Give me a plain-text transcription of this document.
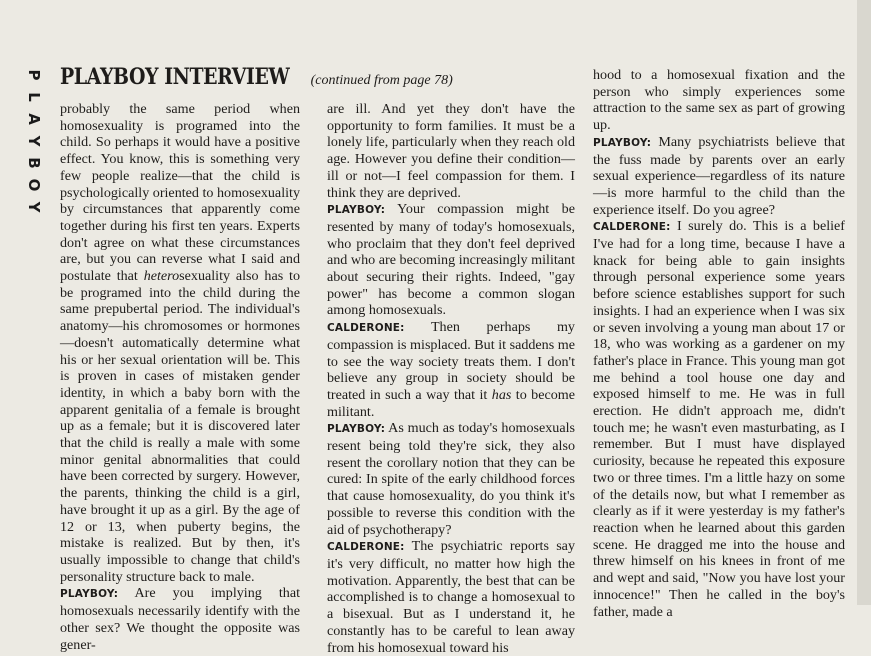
P
L
A
Y
B
O
Y
PLAYBOY INTERVIEW (continued from page 78)

probably the same period when homosexuality is programed into the child. So perhaps it would have a positive effect. You know, this is something very few people realize—that the child is psychologically oriented to homosexuality by circumstances that apparently come together during his first ten years. Experts don't agree on what these circumstances are, but you can reverse what I said and postulate that heterosexuality also has to be programed into the child during the same prepubertal period. The individual's anatomy—his chromosomes or hormones—doesn't automatically determine what his or her sexual orientation will be. This is proven in cases of mistaken gender identity, in which a baby born with the apparent genitalia of a female is brought up as a female; but it is discovered later that the child is really a male with some minor genital abnormalities that could have been corrected by surgery. However, the parents, thinking the child is a girl, have brought it up as a girl. By the age of 12 or 13, when puberty begins, the mistake is realized. But by then, it's usually impossible to change that child's personality structure back to male.

PLAYBOY: Are you implying that homosexuals necessarily identify with the other sex? We thought the opposite was gener-

are ill. And yet they don't have the opportunity to form families. It must be a lonely life, particularly when they reach old age. However you define their condition—ill or not—I feel compassion for them. I think they are deprived.

PLAYBOY: Your compassion might be resented by many of today's homosexuals, who proclaim that they don't feel deprived and who are becoming increasingly militant about securing their rights. Indeed, "gay power" has become a common slogan among homosexuals.

CALDERONE: Then perhaps my compassion is misplaced. But it saddens me to see the way society treats them. I don't believe any group in society should be treated in such a way that it has to become militant.

PLAYBOY: As much as today's homosexuals resent being told they're sick, they also resent the corollary notion that they can be cured: In spite of the early childhood forces that cause homosexuality, do you think it's possible to reverse this condition with the aid of psychotherapy?

CALDERONE: The psychiatric reports say it's very difficult, no matter how high the motivation. Apparently, the best that can be accomplished is to change a homosexual to a bisexual. But as I understand it, he constantly has to be careful to lean away from his homosexual toward his

hood to a homosexual fixation and the person who simply experiences some attraction to the same sex as part of growing up.

PLAYBOY: Many psychiatrists believe that the fuss made by parents over an early sexual experience—regardless of its nature—is more harmful to the child than the experience itself. Do you agree?

CALDERONE: I surely do. This is a belief I've had for a long time, because I have a knack for being able to gain insights through personal experience some years before science establishes support for such insights. I had an experience when I was six or seven involving a young man about 17 or 18, who was working as a gardener on my father's place in France. This young man got me behind a tool house one day and exposed himself to me. He was in full erection. He didn't approach me, didn't touch me; he wasn't even masturbating, as I remember. But I must have displayed curiosity, because he repeated this exposure two or three times. I'm a little hazy on some of the details now, but what I remember as clearly as if it were yesterday is my father's reaction when he learned about this garden scene. He dragged me into the house and threw himself on his knees in front of me and wept and said, "Now you have lost your innocence!" Then he called in the boy's father, made a
